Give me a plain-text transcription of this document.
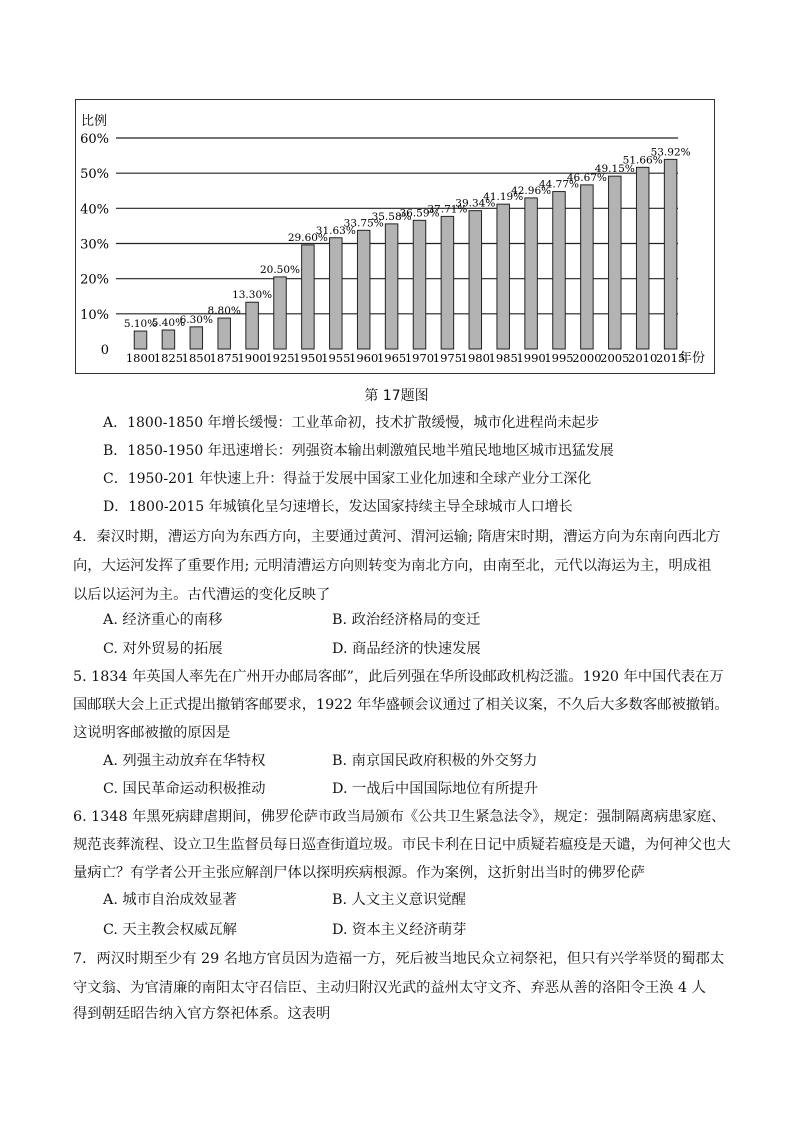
比例
年份
0
10%
20%
30%
40%
50%
60%
5.10%
1800
5.40%
1825
6.30%
1850
8.80%
1875
13.30%
1900
20.50%
1925
29.60%
1950
31.63%
1955
33.75%
1960
35.58%
1965
36.59%
1970
37.71%
1975
39.34%
1980
41.19%
1985
42.96%
1990
44.77%
1995
46.67%
2000
49.15%
2005
51.66%
2010
53.92%
2015
第 17题图
A．1800-1850 年增长缓慢：工业革命初，技术扩散缓慢，城市化进程尚未起步
B．1850-1950 年迅速增长：列强资本输出刺激殖民地半殖民地地区城市迅猛发展
C．1950-201 年快速上升：得益于发展中国家工业化加速和全球产业分工深化
D．1800-2015 年城镇化呈匀速增长，发达国家持续主导全球城市人口增长
4．秦汉时期，漕运方向为东西方向，主要通过黄河、渭河运输; 隋唐宋时期，漕运方向为东南向西北方
向，大运河发挥了重要作用; 元明清漕运方向则转变为南北方向，由南至北，元代以海运为主，明成祖
以后以运河为主。古代漕运的变化反映了
A. 经济重心的南移	B. 政治经济格局的变迁
C. 对外贸易的拓展	D. 商品经济的快速发展
5. 1834 年英国人率先在广州开办邮局客邮”，此后列强在华所设邮政机构泛滥。1920 年中国代表在万
国邮联大会上正式提出撤销客邮要求，1922 年华盛顿会议通过了相关议案，不久后大多数客邮被撤销。
这说明客邮被撤的原因是
A. 列强主动放弃在华特权	B. 南京国民政府积极的外交努力
C. 国民革命运动积极推动	D. 一战后中国国际地位有所提升
6. 1348 年黑死病肆虐期间，佛罗伦萨市政当局颁布《公共卫生紧急法令》，规定：强制隔离病患家庭、
规范丧葬流程、设立卫生监督员每日巡查街道垃圾。市民卡利在日记中质疑若瘟疫是天谴，为何神父也大
量病亡？有学者公开主张应解剖尸体以探明疾病根源。作为案例，这折射出当时的佛罗伦萨
A. 城市自治成效显著	B. 人文主义意识觉醒
C. 天主教会权威瓦解	D. 资本主义经济萌芽
7．两汉时期至少有 29 名地方官员因为造福一方，死后被当地民众立祠祭祀，但只有兴学举贤的蜀郡太
守文翁、为官清廉的南阳太守召信臣、主动归附汉光武的益州太守文齐、弃恶从善的洛阳令王涣 4 人
得到朝廷昭告纳入官方祭祀体系。这表明
